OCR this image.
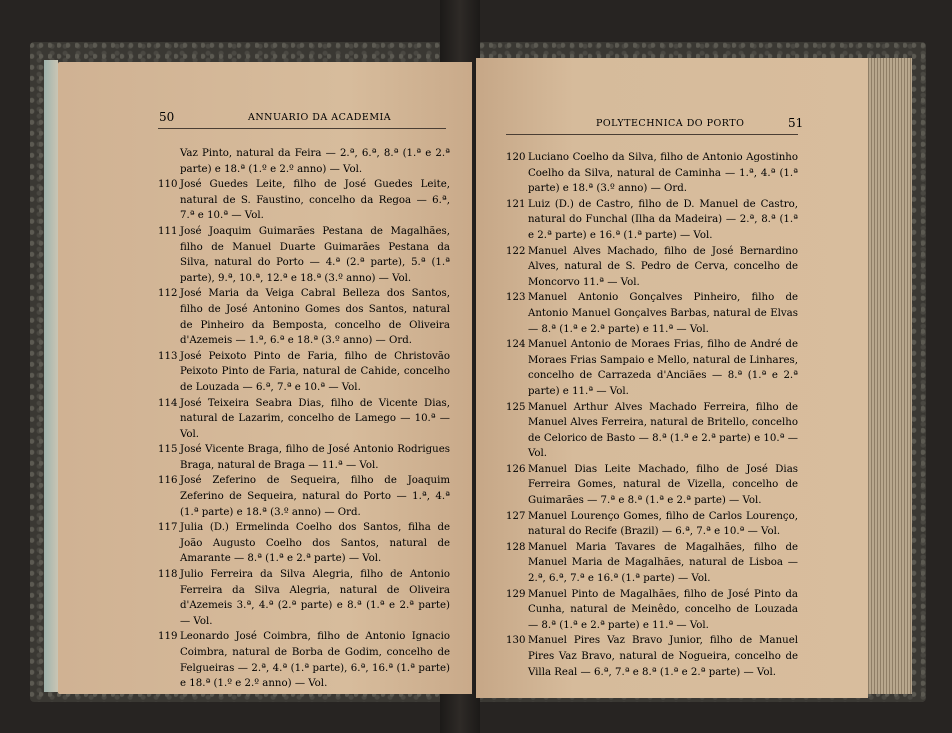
50	ANNUARIO DA ACADEMIA
Vaz Pinto, natural da Feira — 2.ª, 6.ª, 8.ª (1.ª e 2.ª parte) e 18.ª (1.º e 2.º anno) — Vol.
110 José Guedes Leite, filho de José Guedes Leite, natural de S. Faustino, concelho da Regoa — 6.ª, 7.ª e 10.ª — Vol.
111 José Joaquim Guimarães Pestana de Magalhães, filho de Manuel Duarte Guimarães Pestana da Silva, natural do Porto — 4.ª (2.ª parte), 5.ª (1.ª parte), 9.ª, 10.ª, 12.ª e 18.ª (3.º anno) — Vol.
112 José Maria da Veiga Cabral Belleza dos Santos, filho de José Antonino Gomes dos Santos, natural de Pinheiro da Bemposta, concelho de Oliveira d'Azemeis — 1.ª, 6.ª e 18.ª (3.º anno) — Ord.
113 José Peixoto Pinto de Faria, filho de Christovão Peixoto Pinto de Faria, natural de Cahide, concelho de Louzada — 6.ª, 7.ª e 10.ª — Vol.
114 José Teixeira Seabra Dias, filho de Vicente Dias, natural de Lazarim, concelho de Lamego — 10.ª — Vol.
115 José Vicente Braga, filho de José Antonio Rodrigues Braga, natural de Braga — 11.ª — Vol.
116 José Zeferino de Sequeira, filho de Joaquim Zeferino de Sequeira, natural do Porto — 1.ª, 4.ª (1.ª parte) e 18.ª (3.º anno) — Ord.
117 Julia (D.) Ermelinda Coelho dos Santos, filha de João Augusto Coelho dos Santos, natural de Amarante — 8.ª (1.ª e 2.ª parte) — Vol.
118 Julio Ferreira da Silva Alegria, filho de Antonio Ferreira da Silva Alegria, natural de Oliveira d'Azemeis 3.ª, 4.ª (2.ª parte) e 8.ª (1.ª e 2.ª parte) — Vol.
119 Leonardo José Coimbra, filho de Antonio Ignacio Coimbra, natural de Borba de Godim, concelho de Felgueiras — 2.ª, 4.ª (1.ª parte), 6.ª, 16.ª (1.ª parte) e 18.ª (1.º e 2.º anno) — Vol.
POLYTECHNICA DO PORTO	51
120 Luciano Coelho da Silva, filho de Antonio Agostinho Coelho da Silva, natural de Caminha — 1.ª, 4.ª (1.ª parte) e 18.ª (3.º anno) — Ord.
121 Luiz (D.) de Castro, filho de D. Manuel de Castro, natural do Funchal (Ilha da Madeira) — 2.ª, 8.ª (1.ª e 2.ª parte) e 16.ª (1.ª parte) — Vol.
122 Manuel Alves Machado, filho de José Bernardino Alves, natural de S. Pedro de Cerva, concelho de Moncorvo 11.ª — Vol.
123 Manuel Antonio Gonçalves Pinheiro, filho de Antonio Manuel Gonçalves Barbas, natural de Elvas — 8.ª (1.ª e 2.ª parte) e 11.ª — Vol.
124 Manuel Antonio de Moraes Frias, filho de André de Moraes Frias Sampaio e Mello, natural de Linhares, concelho de Carrazeda d'Anciães — 8.ª (1.ª e 2.ª parte) e 11.ª — Vol.
125 Manuel Arthur Alves Machado Ferreira, filho de Manuel Alves Ferreira, natural de Britello, concelho de Celorico de Basto — 8.ª (1.ª e 2.ª parte) e 10.ª — Vol.
126 Manuel Dias Leite Machado, filho de José Dias Ferreira Gomes, natural de Vizella, concelho de Guimarães — 7.ª e 8.ª (1.ª e 2.ª parte) — Vol.
127 Manuel Lourenço Gomes, filho de Carlos Lourenço, natural do Recife (Brazil) — 6.ª, 7.ª e 10.ª — Vol.
128 Manuel Maria Tavares de Magalhães, filho de Manuel Maria de Magalhães, natural de Lisboa — 2.ª, 6.ª, 7.ª e 16.ª (1.ª parte) — Vol.
129 Manuel Pinto de Magalhães, filho de José Pinto da Cunha, natural de Meinêdo, concelho de Louzada — 8.ª (1.ª e 2.ª parte) e 11.ª — Vol.
130 Manuel Pires Vaz Bravo Junior, filho de Manuel Pires Vaz Bravo, natural de Nogueira, concelho de Villa Real — 6.ª, 7.ª e 8.ª (1.ª e 2.ª parte) — Vol.
